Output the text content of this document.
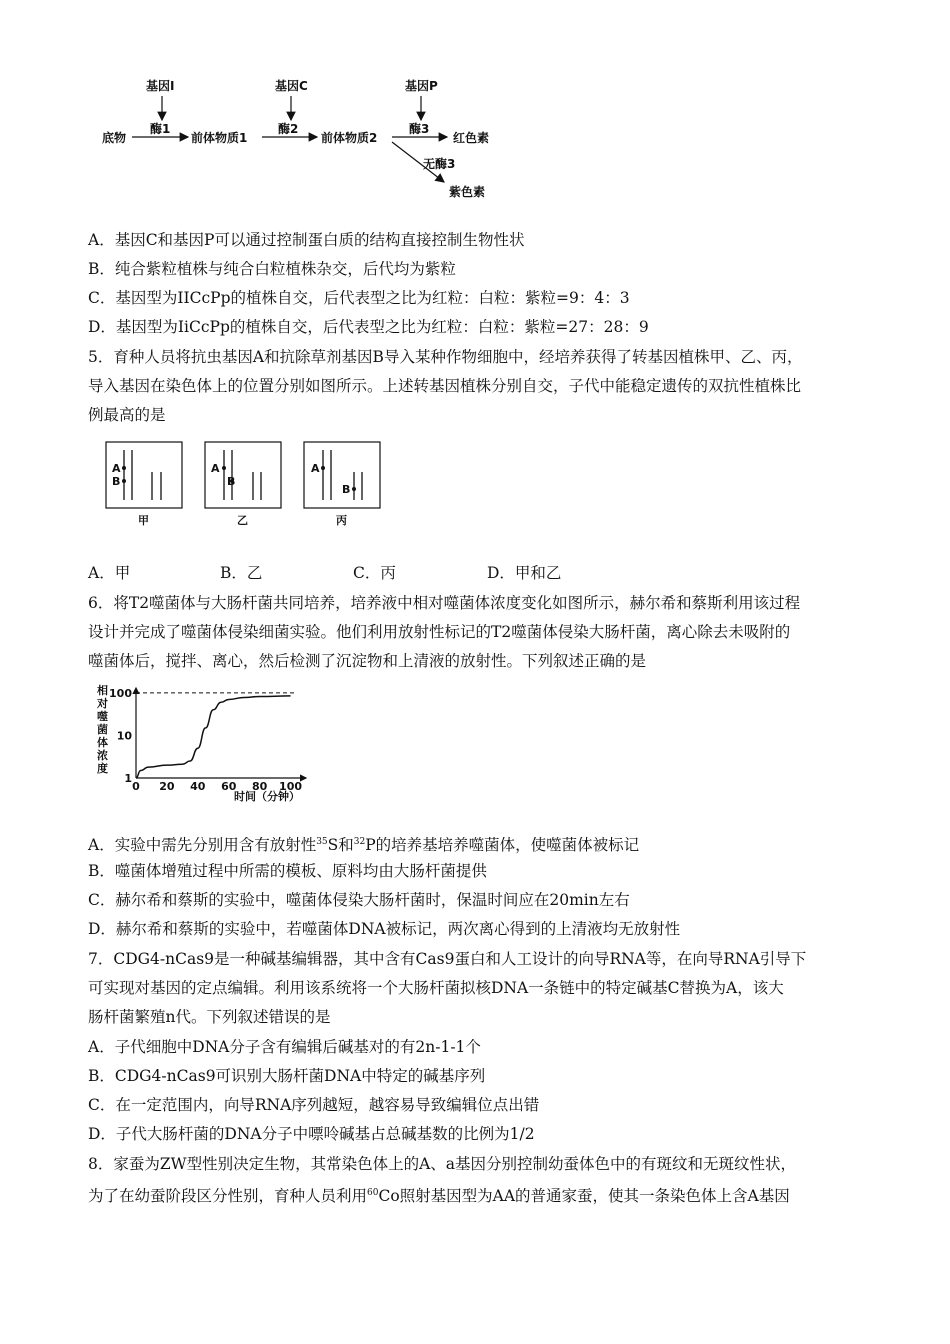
基因I	基因C	基因P
酶1	酶2	酶3
底物	前体物质1	前体物质2	红色素
无酶3
紫色素
A．基因C和基因P可以通过控制蛋白质的结构直接控制生物性状
B．纯合紫粒植株与纯合白粒植株杂交，后代均为紫粒
C．基因型为IICcPp的植株自交，后代表型之比为红粒：白粒：紫粒=9：4：3
D．基因型为IiCcPp的植株自交，后代表型之比为红粒：白粒：紫粒=27：28：9
5．育种人员将抗虫基因A和抗除草剂基因B导入某种作物细胞中，经培养获得了转基因植株甲、乙、丙，
导入基因在染色体上的位置分别如图所示。上述转基因植株分别自交，子代中能稳定遗传的双抗性植株比
例最高的是
A
B
甲
A
B
乙
A
B
丙
A．甲	B．乙	C．丙	D．甲和乙
6．将T2噬菌体与大肠杆菌共同培养，培养液中相对噬菌体浓度变化如图所示，赫尔希和蔡斯利用该过程
设计并完成了噬菌体侵染细菌实验。他们利用放射性标记的T2噬菌体侵染大肠杆菌，离心除去未吸附的
噬菌体后，搅拌、离心，然后检测了沉淀物和上清液的放射性。下列叙述正确的是
相
对
噬
菌
体
浓
度
0 20 40 60 80 100
1
10
100
时间（分钟）
A．实验中需先分别用含有放射性$^{35}$S和$^{32}$P的培养基培养噬菌体，使噬菌体被标记
B．噬菌体增殖过程中所需的模板、原料均由大肠杆菌提供
C．赫尔希和蔡斯的实验中，噬菌体侵染大肠杆菌时，保温时间应在20min左右
D．赫尔希和蔡斯的实验中，若噬菌体DNA被标记，两次离心得到的上清液均无放射性
7．CDG4-nCas9是一种碱基编辑器，其中含有Cas9蛋白和人工设计的向导RNA等，在向导RNA引导下
可实现对基因的定点编辑。利用该系统将一个大肠杆菌拟核DNA一条链中的特定碱基C替换为A，该大
肠杆菌繁殖n代。下列叙述错误的是
A．子代细胞中DNA分子含有编辑后碱基对的有2n-1-1个
B．CDG4-nCas9可识别大肠杆菌DNA中特定的碱基序列
C．在一定范围内，向导RNA序列越短，越容易导致编辑位点出错
D．子代大肠杆菌的DNA分子中嘌呤碱基占总碱基数的比例为1/2
8．家蚕为ZW型性别决定生物，其常染色体上的A、a基因分别控制幼蚕体色中的有斑纹和无斑纹性状，
为了在幼蚕阶段区分性别，育种人员利用$^{60}$Co照射基因型为AA的普通家蚕，使其一条染色体上含A基因
